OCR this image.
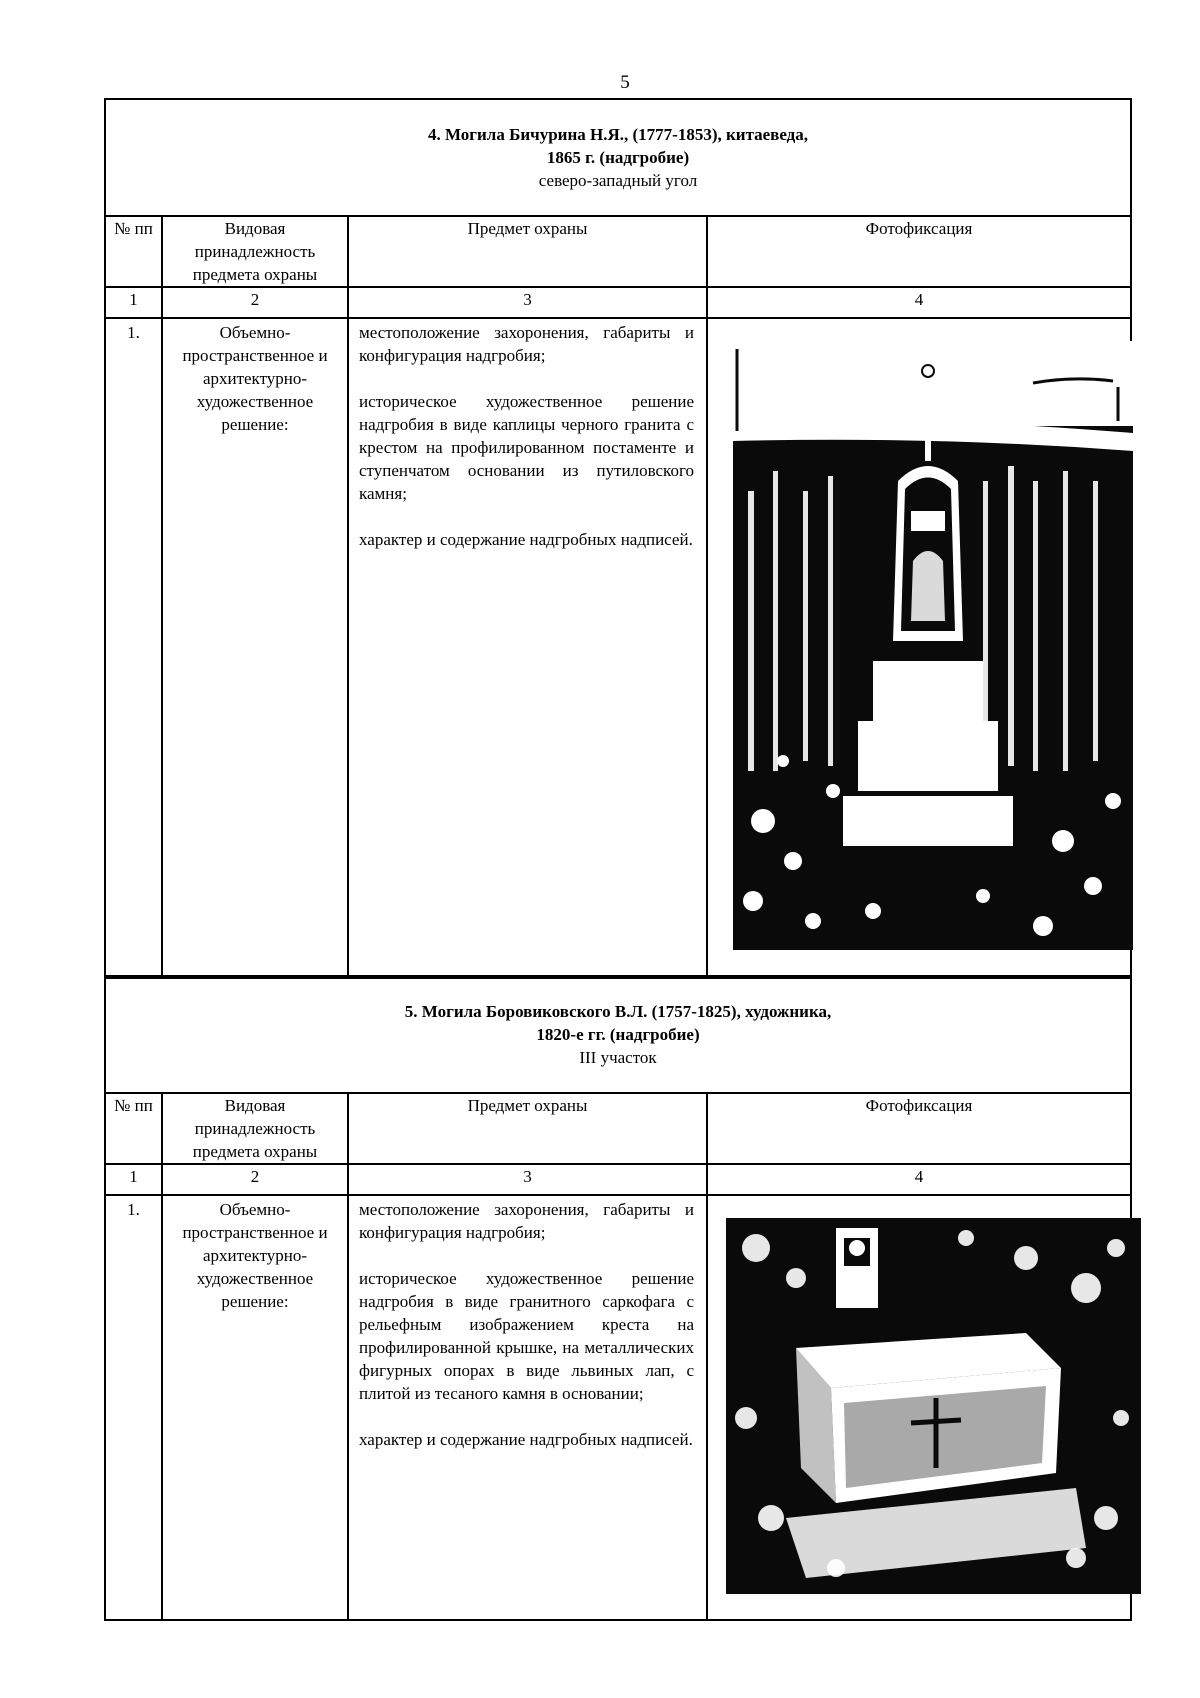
5
4. Могила Бичурина Н.Я., (1777-1853), китаеведа,
1865 г. (надгробие)
северо-западный угол			

№ пп	Видовая принадлежность предмета охраны	Предмет охраны	Фотофиксация
1	2	3	4
1.	Объемно-пространственное и архитектурно-художественное решение:	местоположение захоронения, габариты и конфигурация надгробия;

историческое художественное решение надгробия в виде каплицы черного гранита с крестом на профилированном постаменте и ступенчатом основании из путиловского камня;

характер и содержание надгробных надписей.

5. Могила Боровиковского В.Л. (1757-1825), художника,
1820-е гг. (надгробие)
III участок			

№ пп	Видовая принадлежность предмета охраны	Предмет охраны	Фотофиксация
1	2	3	4
1.	Объемно-пространственное и архитектурно-художественное решение:	местоположение захоронения, габариты и конфигурация надгробия;

историческое художественное решение надгробия в виде гранитного саркофага с рельефным изображением креста на профилированной крышке, на металлических фигурных опорах в виде львиных лап, с плитой из тесаного камня в основании;

характер и содержание надгробных надписей.
